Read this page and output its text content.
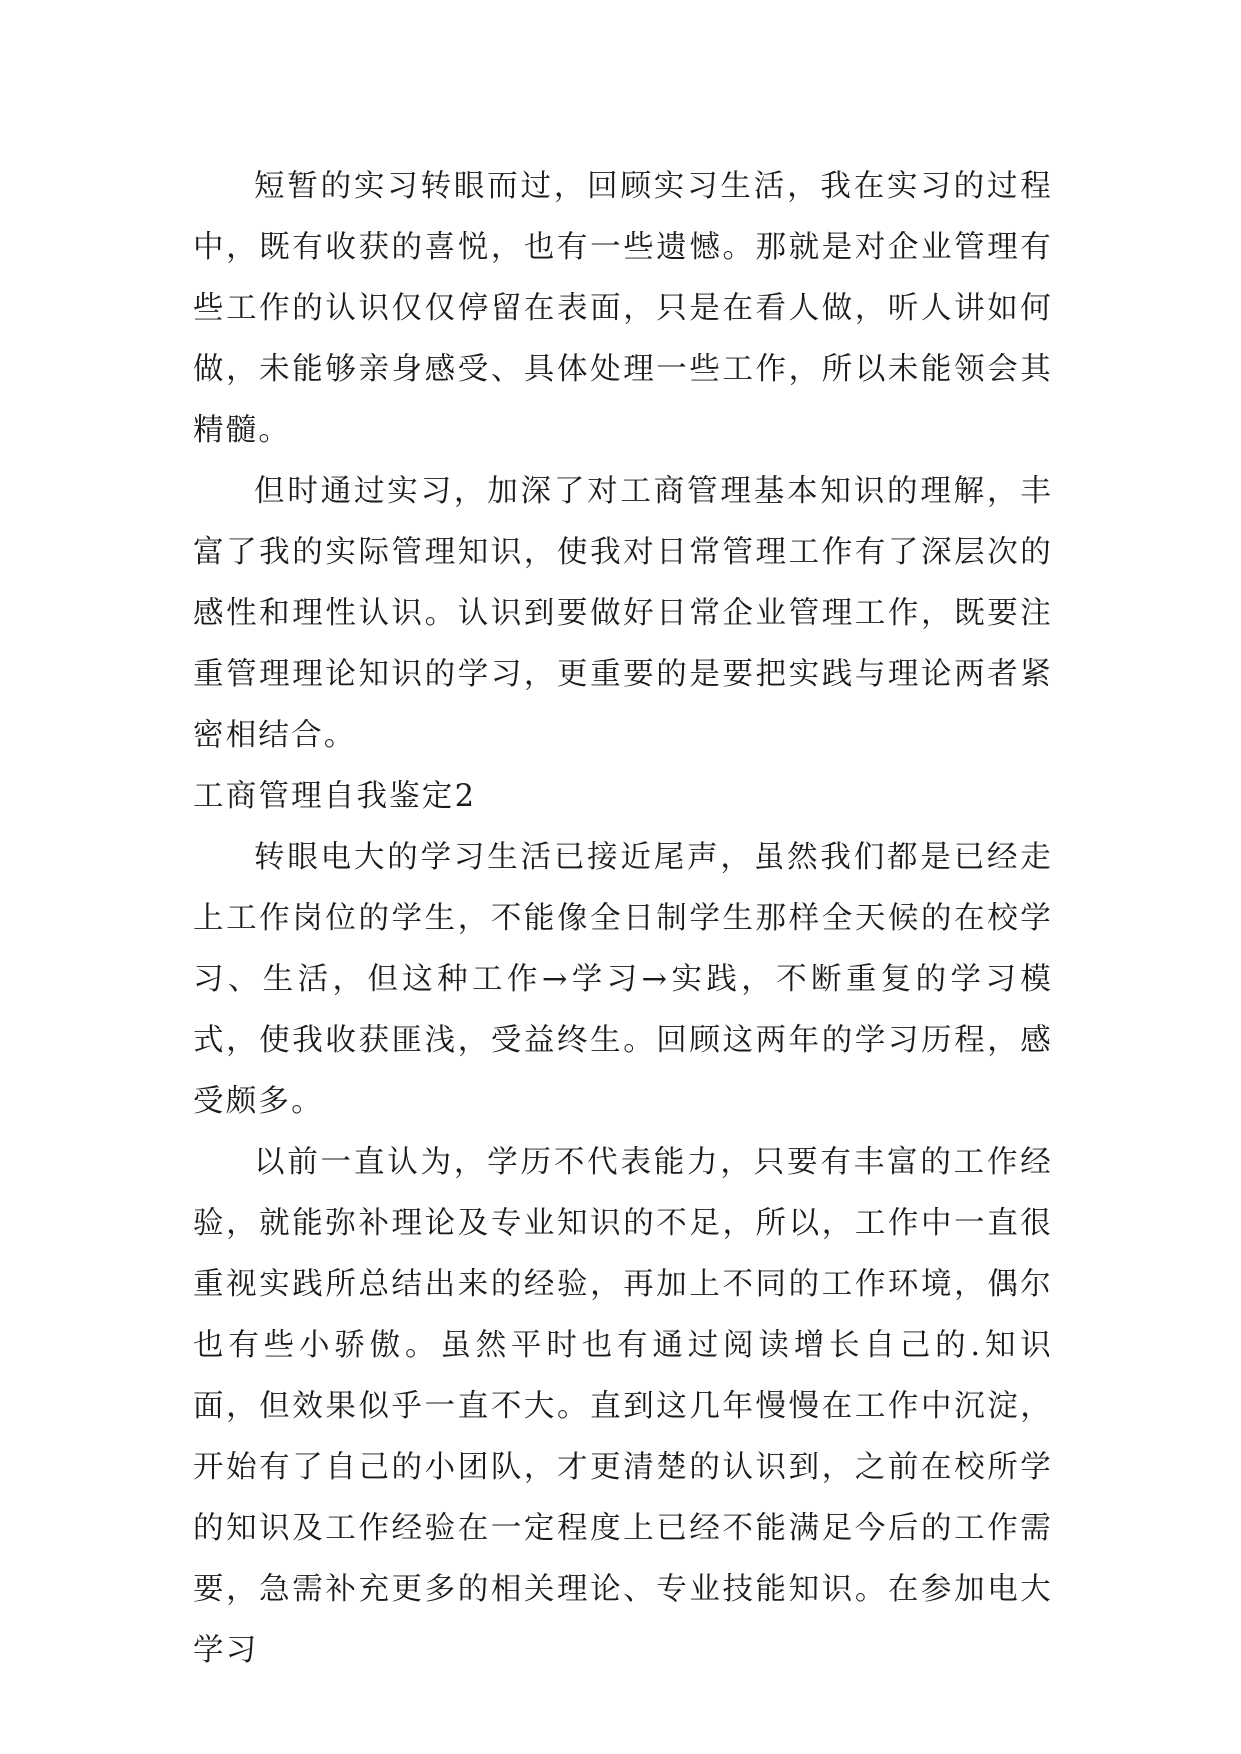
短暂的实习转眼而过，回顾实习生活，我在实习的过程中，既有收获的喜悦，也有一些遗憾。那就是对企业管理有些工作的认识仅仅停留在表面，只是在看人做，听人讲如何做，未能够亲身感受、具体处理一些工作，所以未能领会其精髓。

但时通过实习，加深了对工商管理基本知识的理解，丰富了我的实际管理知识，使我对日常管理工作有了深层次的感性和理性认识。认识到要做好日常企业管理工作，既要注重管理理论知识的学习，更重要的是要把实践与理论两者紧密相结合。

工商管理自我鉴定2

转眼电大的学习生活已接近尾声，虽然我们都是已经走上工作岗位的学生，不能像全日制学生那样全天候的在校学习、生活，但这种工作→学习→实践，不断重复的学习模式，使我收获匪浅，受益终生。回顾这两年的学习历程，感受颇多。

以前一直认为，学历不代表能力，只要有丰富的工作经验，就能弥补理论及专业知识的不足，所以，工作中一直很重视实践所总结出来的经验，再加上不同的工作环境，偶尔也有些小骄傲。虽然平时也有通过阅读增长自己的.知识面，但效果似乎一直不大。直到这几年慢慢在工作中沉淀，开始有了自己的小团队，才更清楚的认识到，之前在校所学的知识及工作经验在一定程度上已经不能满足今后的工作需要，急需补充更多的相关理论、专业技能知识。在参加电大学习
